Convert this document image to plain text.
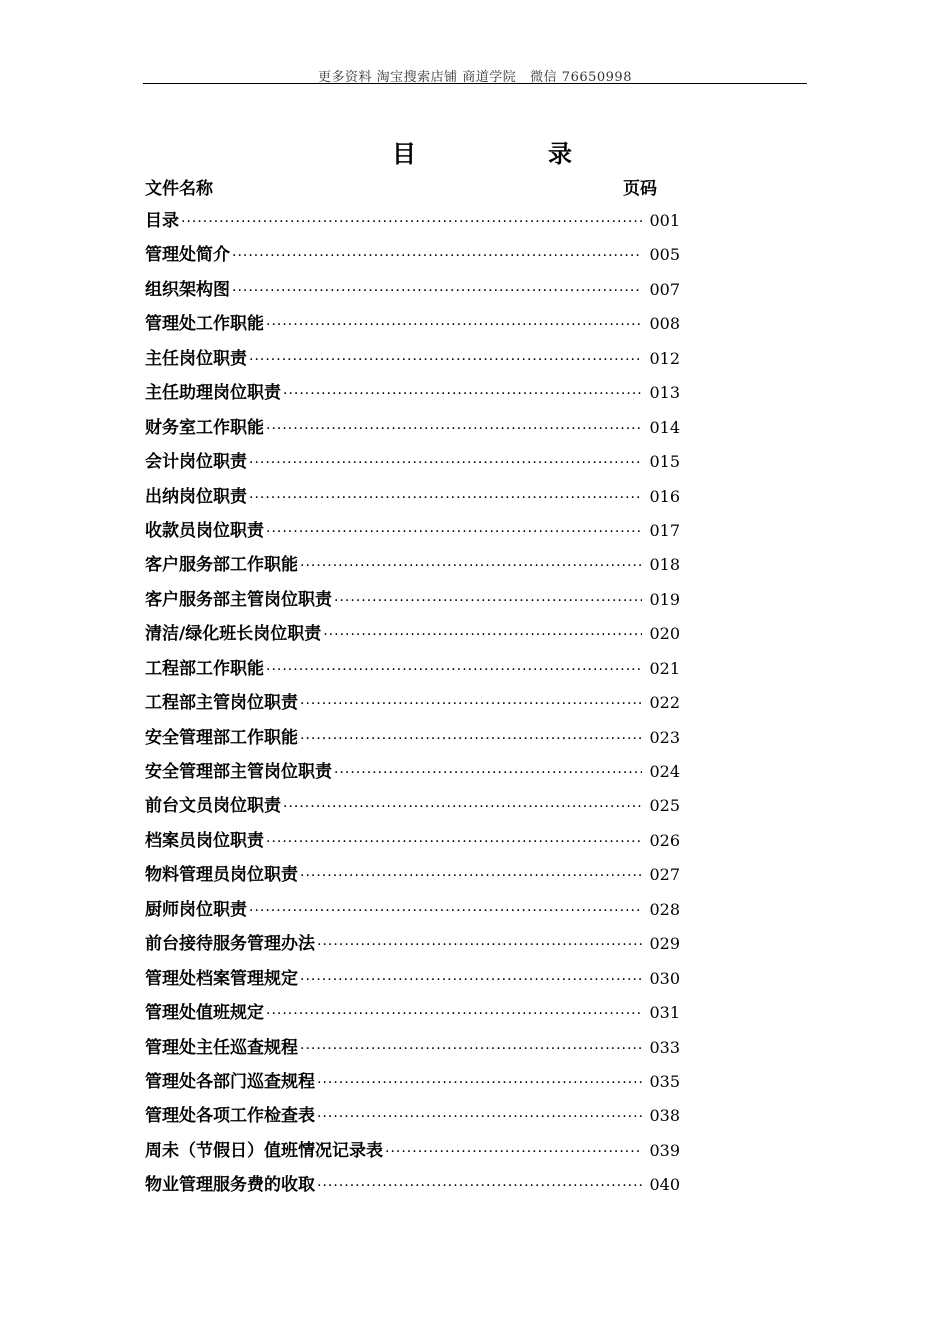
更多资料 淘宝搜索店铺 商道学院   微信 76650998
目	录
文件名称	页码
目录 ·····	001
管理处简介 ·····	005
组织架构图 ·····	007
管理处工作职能 ·····	008
主任岗位职责 ·····	012
主任助理岗位职责 ·····	013
财务室工作职能 ·····	014
会计岗位职责 ·····	015
出纳岗位职责 ·····	016
收款员岗位职责 ·····	017
客户服务部工作职能 ·····	018
客户服务部主管岗位职责 ·····	019
清洁/绿化班长岗位职责 ·····	020
工程部工作职能 ·····	021
工程部主管岗位职责 ·····	022
安全管理部工作职能 ·····	023
安全管理部主管岗位职责 ·····	024
前台文员岗位职责 ·····	025
档案员岗位职责 ·····	026
物料管理员岗位职责 ·····	027
厨师岗位职责 ·····	028
前台接待服务管理办法 ·····	029
管理处档案管理规定 ·····	030
管理处值班规定 ·····	031
管理处主任巡查规程 ·····	033
管理处各部门巡查规程 ·····	035
管理处各项工作检查表 ·····	038
周未（节假日）值班情况记录表 ·····	039
物业管理服务费的收取 ·····	040
